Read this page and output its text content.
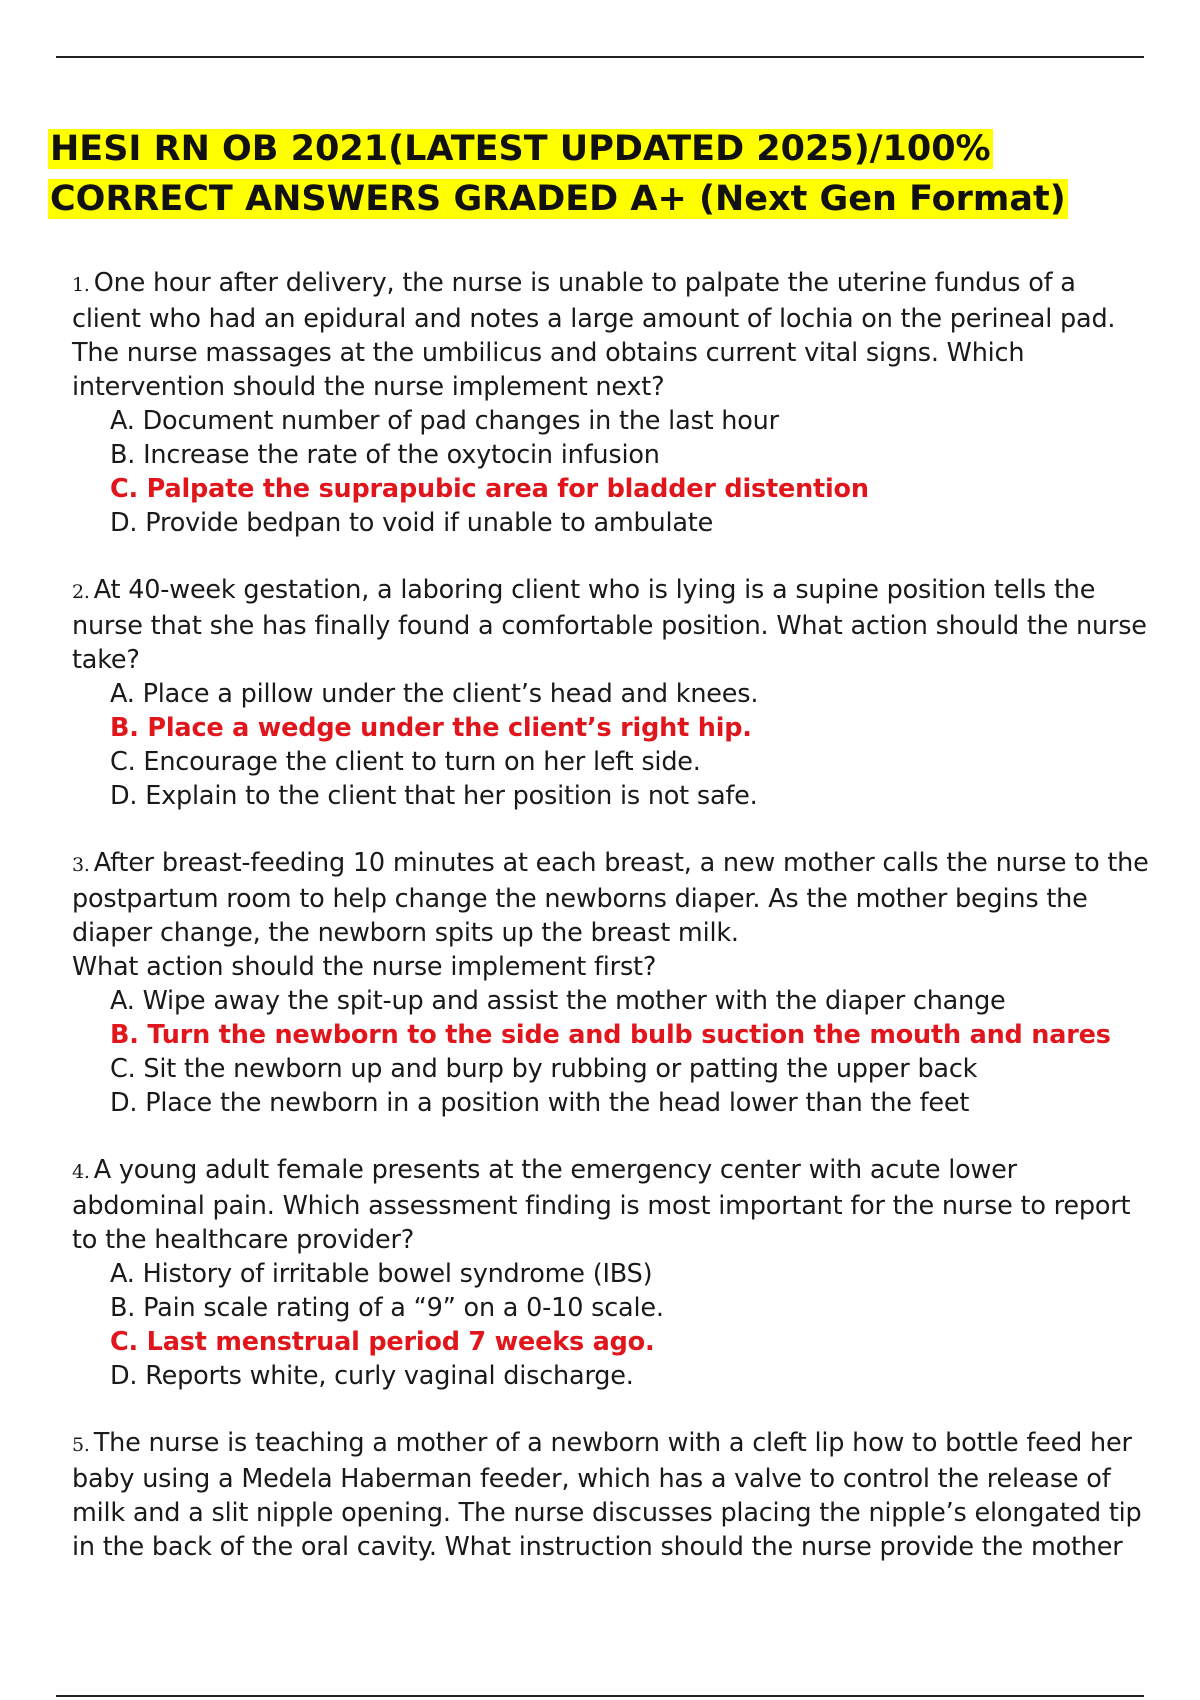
HESI RN OB 2021(LATEST UPDATED 2025)/100% CORRECT ANSWERS GRADED A+ (Next Gen Format)

1. One hour after delivery, the nurse is unable to palpate the uterine fundus of a client who had an epidural and notes a large amount of lochia on the perineal pad. The nurse massages at the umbilicus and obtains current vital signs. Which intervention should the nurse implement next?

A. Document number of pad changes in the last hour
B. Increase the rate of the oxytocin infusion
C. Palpate the suprapubic area for bladder distention
D. Provide bedpan to void if unable to ambulate

2. At 40-week gestation, a laboring client who is lying is a supine position tells the nurse that she has finally found a comfortable position. What action should the nurse take?

A. Place a pillow under the client’s head and knees.
B. Place a wedge under the client’s right hip.
C. Encourage the client to turn on her left side.
D. Explain to the client that her position is not safe.

3. After breast-feeding 10 minutes at each breast, a new mother calls the nurse to the postpartum room to help change the newborns diaper. As the mother begins the diaper change, the newborn spits up the breast milk.
What action should the nurse implement first?

A. Wipe away the spit-up and assist the mother with the diaper change
B. Turn the newborn to the side and bulb suction the mouth and nares
C. Sit the newborn up and burp by rubbing or patting the upper back
D. Place the newborn in a position with the head lower than the feet

4. A young adult female presents at the emergency center with acute lower abdominal pain. Which assessment finding is most important for the nurse to report to the healthcare provider?

A. History of irritable bowel syndrome (IBS)
B. Pain scale rating of a “9” on a 0-10 scale.
C. Last menstrual period 7 weeks ago.
D. Reports white, curly vaginal discharge.

5. The nurse is teaching a mother of a newborn with a cleft lip how to bottle feed her baby using a Medela Haberman feeder, which has a valve to control the release of milk and a slit nipple opening. The nurse discusses placing the nipple’s elongated tip in the back of the oral cavity. What instruction should the nurse provide the mother
